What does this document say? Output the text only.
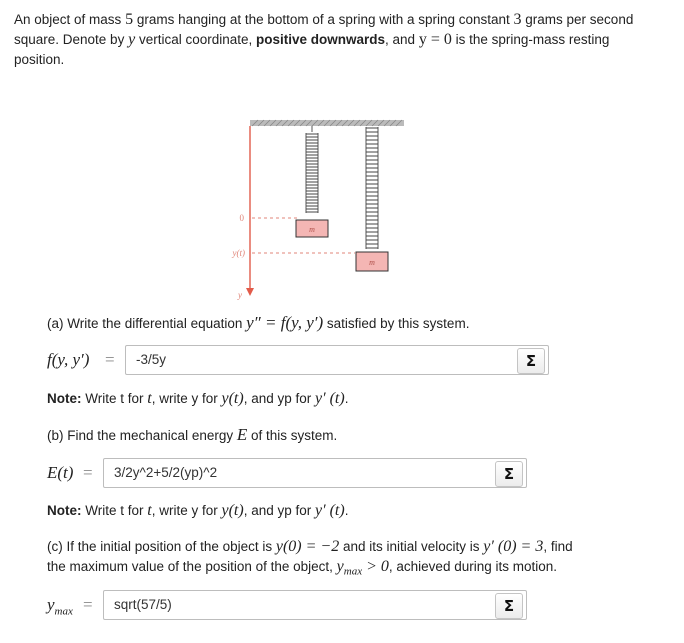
An object of mass 5 grams hanging at the bottom of a spring with a spring constant 3 grams per second square. Denote by y vertical coordinate, positive downwards, and y = 0 is the spring-mass resting position.
m
m
0
y(t)
y
(a) Write the differential equation y″ = f(y, y′) satisfied by this system.
f(y, y′) = -3/5y	Σ
Note: Write t for t, write y for y(t), and yp for y′ (t).
(b) Find the mechanical energy E of this system.
E(t) = 3/2y^2+5/2(yp)^2	Σ
Note: Write t for t, write y for y(t), and yp for y′ (t).
(c) If the initial position of the object is y(0) = −2 and its initial velocity is y′ (0) = 3, find
the maximum value of the position of the object, $y_{max} > 0$, achieved during its motion.
$y_{max}$ = sqrt(57/5)	Σ
